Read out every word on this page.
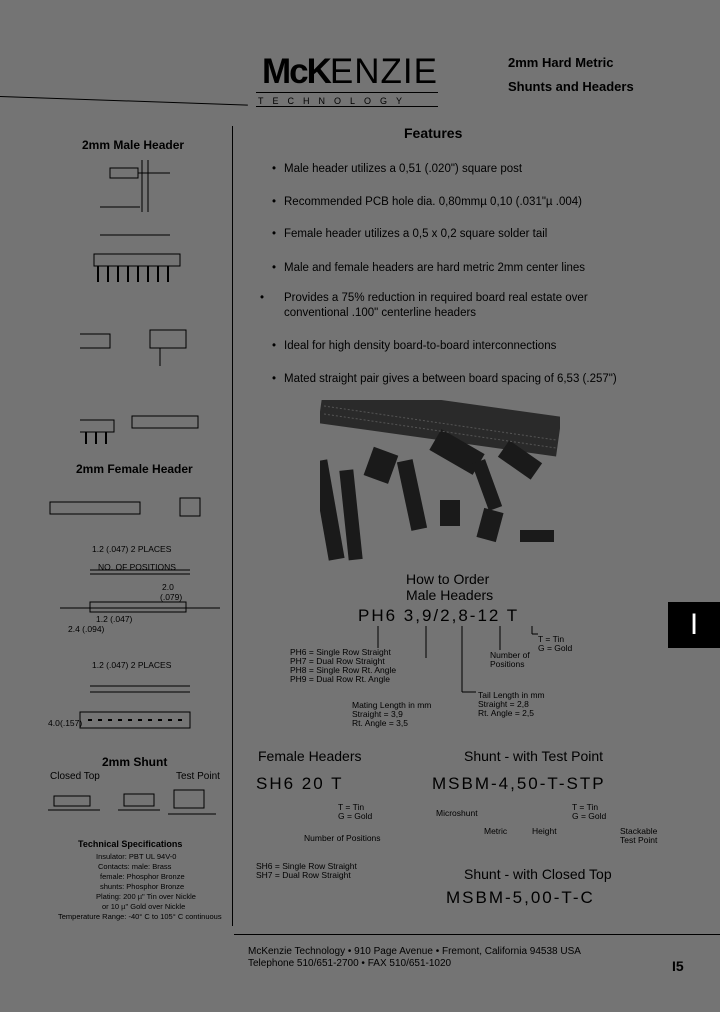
McKENZIE
TECHNOLOGY
2mm Hard Metric
Shunts and Headers
2mm Male Header
2mm Female Header
1.2 (.047) 2 PLACES
NO. OF POSITIONS
2.0
(.079)
1.2 (.047)
2.4 (.094)
1.2 (.047) 2 PLACES
4.0 (.157)
2mm Shunt
Closed Top	Test Point
Technical Specifications
Insulator: PBT UL 94V-0
Contacts: male: Brass
female: Phosphor Bronze
shunts: Phosphor Bronze
Plating: 200 µ" Tin over Nickle
or 10 µ" Gold over Nickle
Temperature Range: -40° C to 105° C continuous
Features
• Male header utilizes a 0,51 (.020") square post
• Recommended PCB hole dia. 0,80mmµ 0,10 (.031"µ .004)
• Female header utilizes a 0,5 x 0,2 square solder tail
• Male and female headers are hard metric 2mm center lines
• Provides a 75% reduction in required board real estate over conventional .100" centerline headers
• Ideal for high density board-to-board interconnections
• Mated straight pair gives a between board spacing of 6,53 (.257")
How to Order
Male Headers
PH6 3,9/2,8-12 T
T = Tin
G = Gold
Number of
Positions
PH6 = Single Row Straight
PH7 = Dual Row Straight
PH8 = Single Row Rt. Angle
PH9 = Dual Row Rt. Angle
Tail Length in mm
Straight = 2,8
Rt. Angle = 2,5
Mating Length in mm
Straight = 3,9
Rt. Angle = 3,5
Female Headers
SH6 20 T
T = Tin
G = Gold
Number of Positions
SH6 = Single Row Straight
SH7 = Dual Row Straight
Shunt - with Test Point
MSBM-4,50-T-STP
Microshunt
T = Tin
G = Gold
Metric	Height	Stackable
Test Point
Shunt - with Closed Top
MSBM-5,00-T-C
I
McKenzie Technology • 910 Page Avenue • Fremont, California 94538 USA
Telephone 510/651-2700 • FAX 510/651-1020	I5
